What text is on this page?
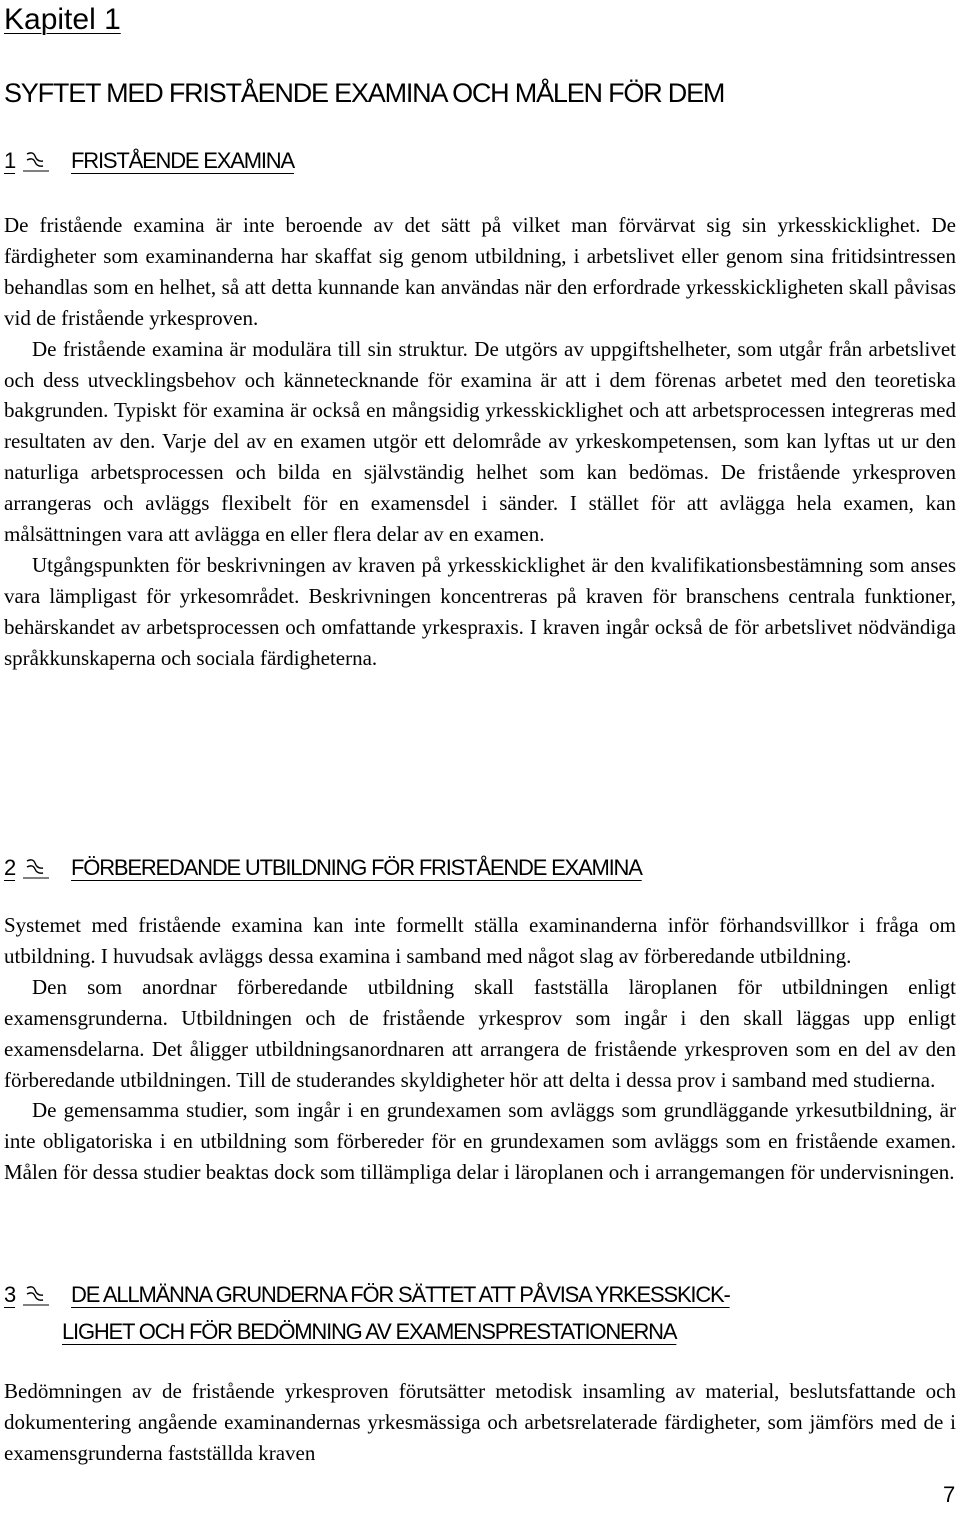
Kapitel 1
SYFTET MED FRISTÅENDE EXAMINA OCH MÅLEN FÖR DEM
1	FRISTÅENDE EXAMINA

De fristående examina är inte beroende av det sätt på vilket man förvärvat sig sin yrkesskicklighet. De färdigheter som examinanderna har skaffat sig genom utbildning, i arbetslivet eller genom sina fritidsintressen behandlas som en helhet, så att detta kunnande kan användas när den erfordrade yrkesskickligheten skall påvisas vid de fristående yrkesproven.

De fristående examina är modulära till sin struktur. De utgörs av uppgiftshelheter, som utgår från arbetslivet och dess utvecklingsbehov och kännetecknande för examina är att i dem förenas arbetet med den teoretiska bakgrunden. Typiskt för examina är också en mångsidig yrkesskicklighet och att arbetsprocessen integreras med resultaten av den. Varje del av en examen utgör ett delområde av yrkeskompetensen, som kan lyftas ut ur den naturliga arbetsprocessen och bilda en självständig helhet som kan bedömas. De fristående yrkesproven arrangeras och avläggs flexibelt för en examensdel i sänder. I stället för att avlägga hela examen, kan målsättningen vara att avlägga en eller flera delar av en examen.

Utgångspunkten för beskrivningen av kraven på yrkesskicklighet är den kvalifikationsbestämning som anses vara lämpligast för yrkesområdet. Beskrivningen koncentreras på kraven för branschens centrala funktioner, behärskandet av arbetsprocessen och omfattande yrkespraxis. I kraven ingår också de för arbetslivet nödvändiga språkkunskaperna och sociala färdigheterna.

2	FÖRBEREDANDE UTBILDNING FÖR FRISTÅENDE EXAMINA

Systemet med fristående examina kan inte formellt ställa examinanderna inför förhandsvillkor i fråga om utbildning. I huvudsak avläggs dessa examina i samband med något slag av förberedande utbildning.

Den som anordnar förberedande utbildning skall fastställa läroplanen för utbildningen enligt examensgrunderna. Utbildningen och de fristående yrkesprov som ingår i den skall läggas upp enligt examensdelarna. Det åligger utbildningsanordnaren att arrangera de fristående yrkesproven som en del av den förberedande utbildningen. Till de studerandes skyldigheter hör att delta i dessa prov i samband med studierna.

De gemensamma studier, som ingår i en grundexamen som avläggs som grundläggande yrkesutbildning, är inte obligatoriska i en utbildning som förbereder för en grundexamen som avläggs som en fristående examen. Målen för dessa studier beaktas dock som tillämpliga delar i läroplanen och i arrangemangen för undervisningen.

3	DE ALLMÄNNA GRUNDERNA FÖR SÄTTET ATT PÅVISA YRKESSKICK-
LIGHET OCH FÖR BEDÖMNING AV EXAMENSPRESTATIONERNA

Bedömningen av de fristående yrkesproven förutsätter metodisk insamling av material, beslutsfattande och dokumentering angående examinandernas yrkesmässiga och arbetsrelaterade färdigheter, som jämförs med de i examensgrunderna fastställda kraven

7
